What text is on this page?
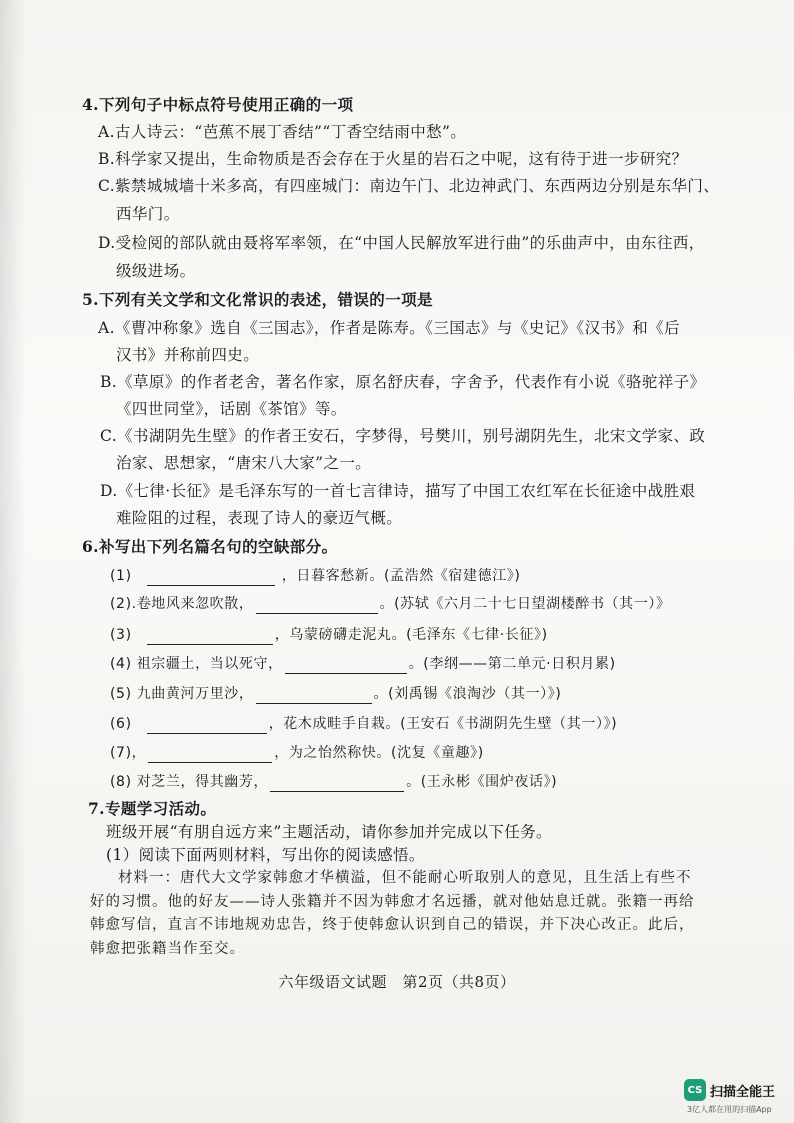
4.下列句子中标点符号使用正确的一项
A.古人诗云：“芭蕉不展丁香结”“丁香空结雨中愁”。
B.科学家又提出，生命物质是否会存在于火星的岩石之中呢，这有待于进一步研究？
C.紫禁城城墙十米多高，有四座城门：南边午门、北边神武门、东西两边分别是东华门、
西华门。
D.受检阅的部队就由聂将军率领，在“中国人民解放军进行曲”的乐曲声中，由东往西，
级级进场。
5.下列有关文学和文化常识的表述，错误的一项是
A.《曹冲称象》选自《三国志》，作者是陈寿。《三国志》与《史记》《汉书》和《后
汉书》并称前四史。
B.《草原》的作者老舍，著名作家，原名舒庆春，字舍予，代表作有小说《骆驼祥子》
《四世同堂》，话剧《茶馆》等。
C.《书湖阴先生壁》的作者王安石，字梦得，号樊川，别号湖阴先生，北宋文学家、政
治家、思想家，“唐宋八大家”之一。
D.《七律·长征》是毛泽东写的一首七言律诗，描写了中国工农红军在长征途中战胜艰
难险阻的过程，表现了诗人的豪迈气概。
6.补写出下列名篇名句的空缺部分。
(1)	，日暮客愁新。(孟浩然《宿建德江》)
(2).卷地风来忽吹散，	。(苏轼《六月二十七日望湖楼醉书（其一）》
(3)	，乌蒙磅礴走泥丸。(毛泽东《七律·长征》)
(4) 祖宗疆土，当以死守，	。(李纲——第二单元·日积月累)
(5) 九曲黄河万里沙，	。(刘禹锡《浪淘沙（其一）》)
(6)	，花木成畦手自栽。(王安石《书湖阴先生壁（其一）》)
(7)，	，为之怡然称快。(沈复《童趣》)
(8) 对芝兰，得其幽芳，	。(王永彬《围炉夜话》)
7.专题学习活动。
班级开展“有朋自远方来”主题活动，请你参加并完成以下任务。
(1）阅读下面两则材料，写出你的阅读感悟。
材料一：唐代大文学家韩愈才华横溢，但不能耐心听取别人的意见，且生活上有些不
好的习惯。他的好友——诗人张籍并不因为韩愈才名远播，就对他姑息迁就。张籍一再给
韩愈写信，直言不讳地规劝忠告，终于使韩愈认识到自己的错误，并下决心改正。此后，
韩愈把张籍当作至交。
六年级语文试题　第2页（共8页）
CS 扫描全能王
3亿人都在用的扫描App
